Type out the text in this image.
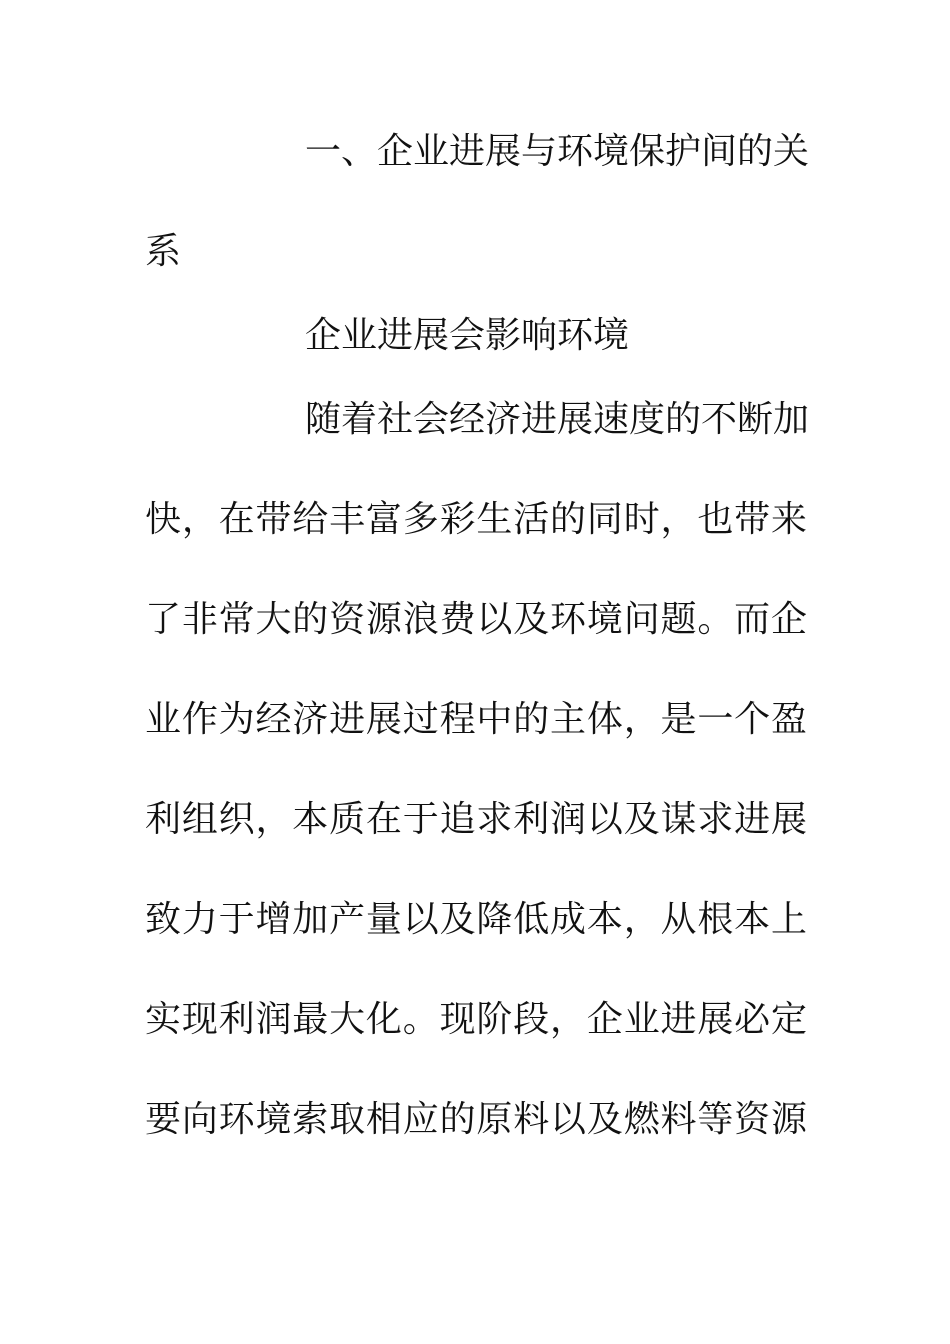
一、企业进展与环境保护间的关
系
企业进展会影响环境
随着社会经济进展速度的不断加
快，在带给丰富多彩生活的同时，也带来
了非常大的资源浪费以及环境问题。而企
业作为经济进展过程中的主体，是一个盈
利组织，本质在于追求利润以及谋求进展
致力于增加产量以及降低成本，从根本上
实现利润最大化。现阶段，企业进展必定
要向环境索取相应的原料以及燃料等资源
